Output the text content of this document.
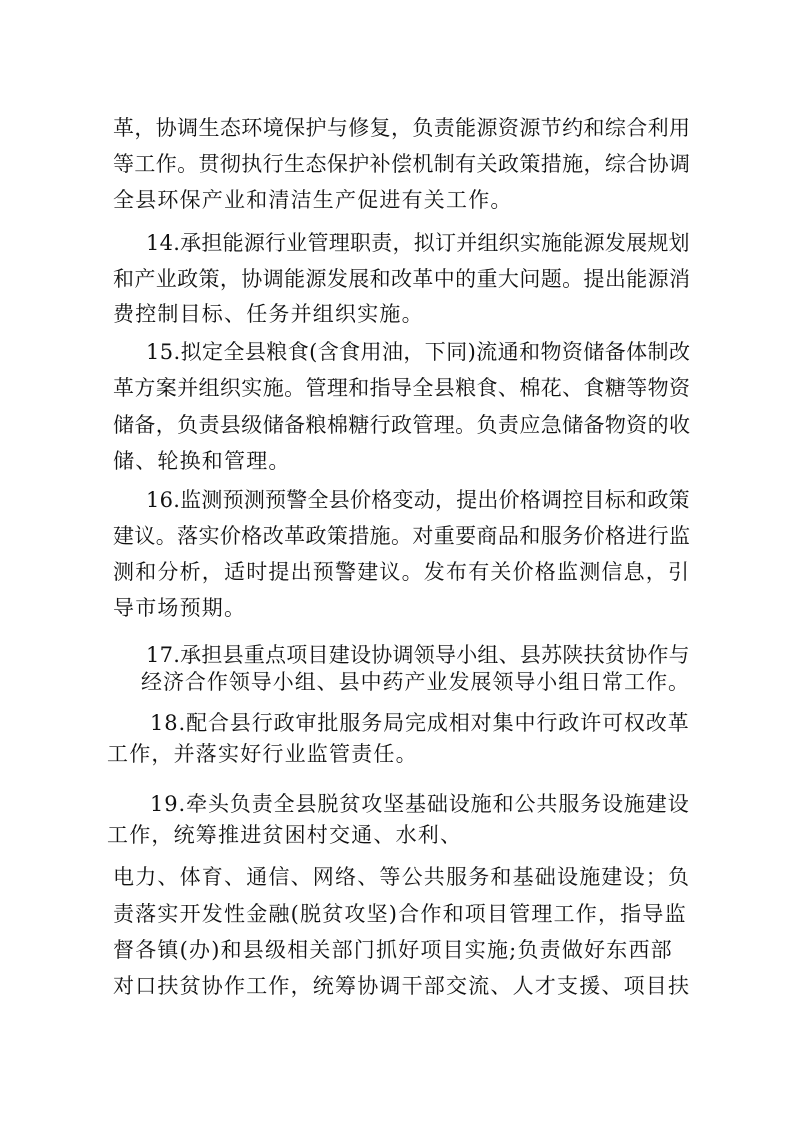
革，协调生态环境保护与修复，负责能源资源节约和综合利用
等工作。贯彻执行生态保护补偿机制有关政策措施，综合协调
全县环保产业和清洁生产促进有关工作。
14.承担能源行业管理职责，拟订并组织实施能源发展规划
和产业政策，协调能源发展和改革中的重大问题。提出能源消
费控制目标、任务并组织实施。
15.拟定全县粮食(含食用油，下同)流通和物资储备体制改
革方案并组织实施。管理和指导全县粮食、棉花、食糖等物资
储备，负责县级储备粮棉糖行政管理。负责应急储备物资的收
储、轮换和管理。
16.监测预测预警全县价格变动，提出价格调控目标和政策
建议。落实价格改革政策措施。对重要商品和服务价格进行监
测和分析，适时提出预警建议。发布有关价格监测信息，引
导市场预期。
17.承担县重点项目建设协调领导小组、县苏陕扶贫协作与
经济合作领导小组、县中药产业发展领导小组日常工作。
18.配合县行政审批服务局完成相对集中行政许可权改革
工作，并落实好行业监管责任。
19.牵头负责全县脱贫攻坚基础设施和公共服务设施建设
工作，统筹推进贫困村交通、水利、
电力、体育、通信、网络、等公共服务和基础设施建设；负
责落实开发性金融(脱贫攻坚)合作和项目管理工作，指导监
督各镇(办)和县级相关部门抓好项目实施;负责做好东西部
对口扶贫协作工作，统筹协调干部交流、人才支援、项目扶
